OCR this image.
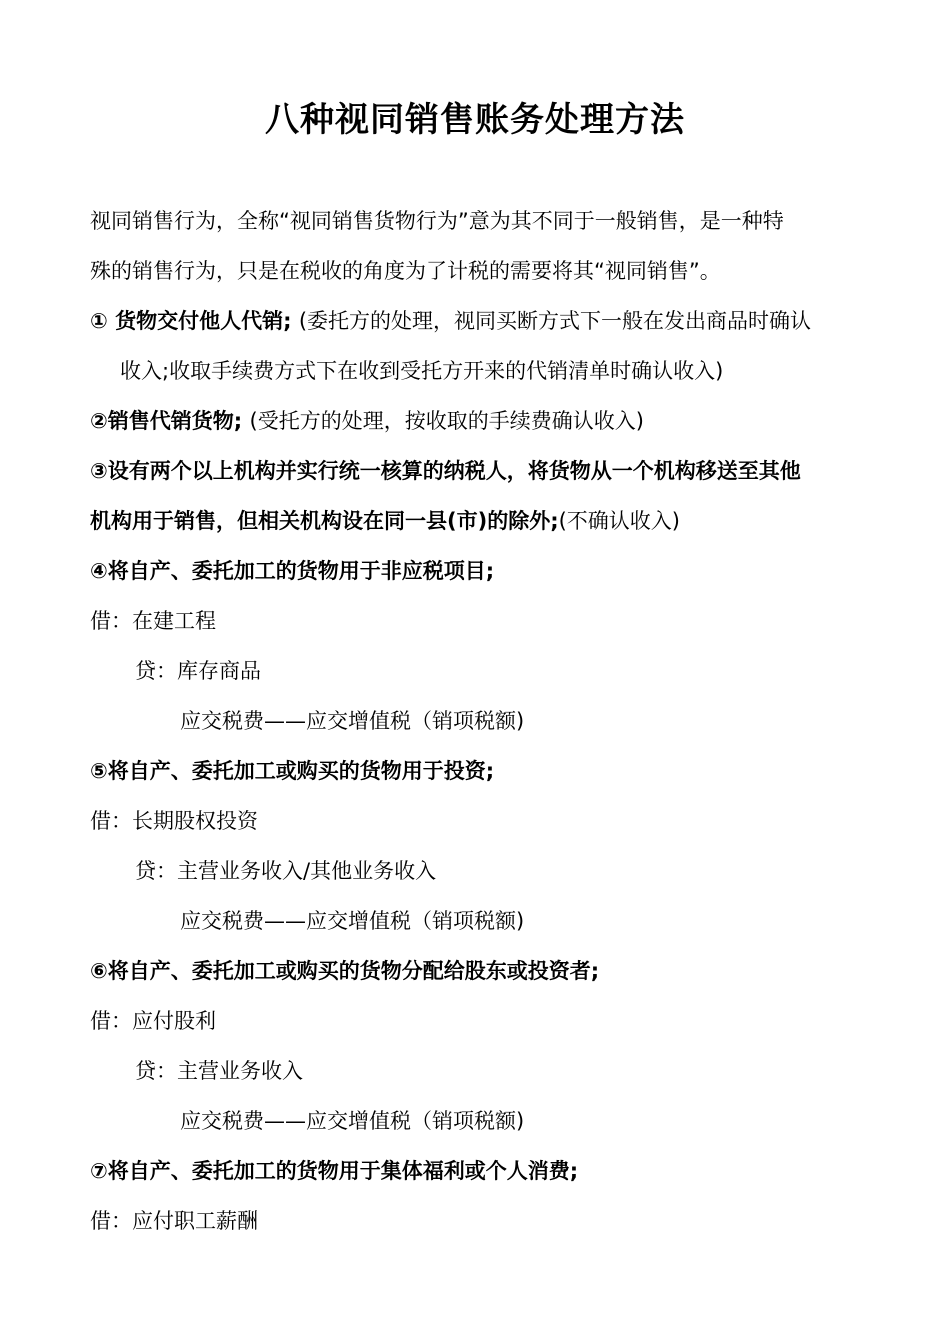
八种视同销售账务处理方法
视同销售行为，全称“视同销售货物行为”意为其不同于一般销售，是一种特
殊的销售行为，只是在税收的角度为了计税的需要将其“视同销售”。
① 货物交付他人代销; (委托方的处理，视同买断方式下一般在发出商品时确认
收入;收取手续费方式下在收到受托方开来的代销清单时确认收入)
②销售代销货物; (受托方的处理，按收取的手续费确认收入)
③设有两个以上机构并实行统一核算的纳税人，将货物从一个机构移送至其他
机构用于销售，但相关机构设在同一县(市)的除外;(不确认收入)
④将自产、委托加工的货物用于非应税项目;
借：在建工程
贷：库存商品
应交税费——应交增值税（销项税额)
⑤将自产、委托加工或购买的货物用于投资;
借：长期股权投资
贷：主营业务收入/其他业务收入
应交税费——应交增值税（销项税额)
⑥将自产、委托加工或购买的货物分配给股东或投资者;
借：应付股利
贷：主营业务收入
应交税费——应交增值税（销项税额)
⑦将自产、委托加工的货物用于集体福利或个人消费;
借：应付职工薪酬
